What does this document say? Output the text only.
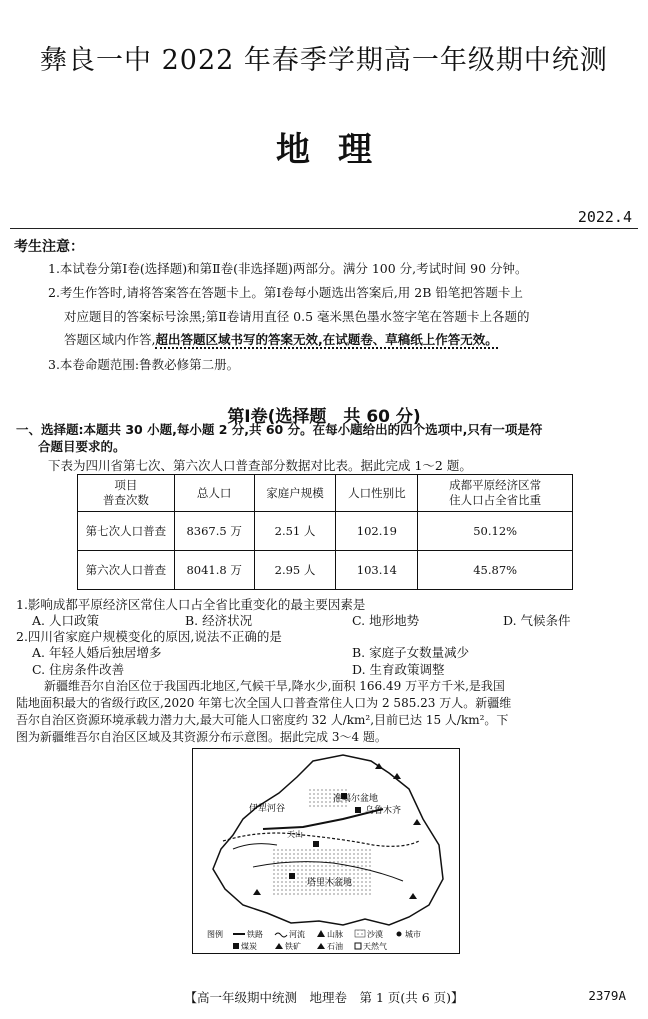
彝良一中 2022 年春季学期高一年级期中统测
地理
2022.4
考生注意：
1.本试卷分第Ⅰ卷(选择题)和第Ⅱ卷(非选择题)两部分。满分 100 分,考试时间 90 分钟。
2.考生作答时,请将答案答在答题卡上。第Ⅰ卷每小题选出答案后,用 2B 铅笔把答题卡上
对应题目的答案标号涂黑;第Ⅱ卷请用直径 0.5 毫米黑色墨水签字笔在答题卡上各题的
答题区域内作答,超出答题区域书写的答案无效,在试题卷、草稿纸上作答无效。
3.本卷命题范围:鲁教必修第二册。
第Ⅰ卷(选择题　共 60 分)
一、选择题:本题共 30 小题,每小题 2 分,共 60 分。在每小题给出的四个选项中,只有一项是符
合题目要求的。
下表为四川省第七次、第六次人口普查部分数据对比表。据此完成 1～2 题。
项目
普查次数	总人口	家庭户规模	人口性别比	成都平原经济区常
住人口占全省比重
第七次人口普查	8367.5 万	2.51 人	102.19	50.12%
第六次人口普查	8041.8 万	2.95 人	103.14	45.87%
1.影响成都平原经济区常住人口占全省比重变化的最主要因素是
A. 人口政策	B. 经济状况	C. 地形地势	D. 气候条件
2.四川省家庭户规模变化的原因,说法不正确的是
A. 年轻人婚后独居增多	B. 家庭子女数量减少
C. 住房条件改善	D. 生育政策调整
新疆维吾尔自治区位于我国西北地区,气候干旱,降水少,面积 166.49 万平方千米,是我国
陆地面积最大的省级行政区,2020 年第七次全国人口普查常住人口为 2 585.23 万人。新疆维
吾尔自治区资源环境承载力潜力大,最大可能人口密度约 32 人/km²,目前已达 15 人/km²。下
图为新疆维吾尔自治区区域及其资源分布示意图。据此完成 3～4 题。
准噶尔盆地
塔里木盆地
伊犁河谷	乌鲁木齐
天山
图例	铁路	河流	山脉	沙漠	城市
煤炭	铁矿	石油	天然气
【高一年级期中统测　地理卷　第 1 页(共 6 页)】	2379A
